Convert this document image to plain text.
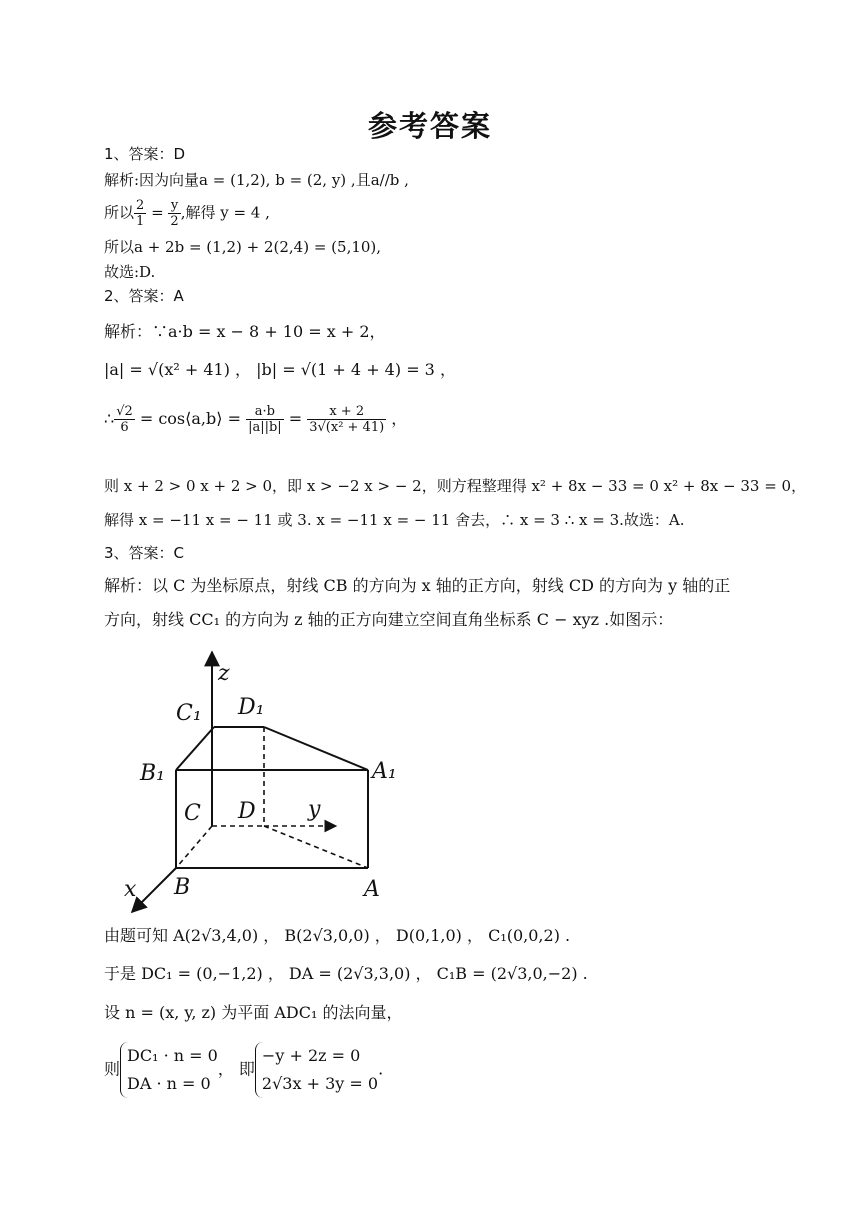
参考答案
1、答案：D
解析:因为向量a = (1,2), b = (2, y) ,且a//b ,
所以 $\frac{2}{1} = \frac{y}{2}$ ,解得 y = 4 ,
所以a + 2b = (1,2) + 2(2,4) = (5,10),
故选:D.
2、答案：A
解析：∵a·b = x − 8 + 10 = x + 2，
|a| = √(x² + 41) ， |b| = √(1 + 4 + 4) = 3 ，
∴ $\frac{√2}{6}$ = cos⟨a,b⟩ = $\frac{a\cdot b}{|a||b|} = \frac{x + 2}{\text{3√(x² + 41)}}$ ，
则 x + 2 > 0 x + 2 > 0，即 x > −2 x > − 2，则方程整理得 x² + 8x − 33 = 0 x² + 8x − 33 = 0，
解得 x = −11 x = − 11 或 3. x = −11 x = − 11 舍去，∴ x = 3 ∴ x = 3.故选：A.
3、答案：C
解析：以 C 为坐标原点，射线 CB 的方向为 x 轴的正方向，射线 CD 的方向为 y 轴的正
方向，射线 CC₁ 的方向为 z 轴的正方向建立空间直角坐标系 C − xyz .如图示：
z
y
x
C₁ D₁
B₁	A₁
C D
B	A
由题可知 A(2√3,4,0) ， B(2√3,0,0) ， D(0,1,0) ， C₁(0,0,2) .
于是 DC₁ = (0,−1,2) ， DA = (2√3,3,0) ， C₁B = (2√3,0,−2) .
设 n = (x, y, z) 为平面 ADC₁ 的法向量，
则
DC₁ · n = 0
DA · n = 0
， 即
−y + 2z = 0
2√3x + 3y = 0
.
